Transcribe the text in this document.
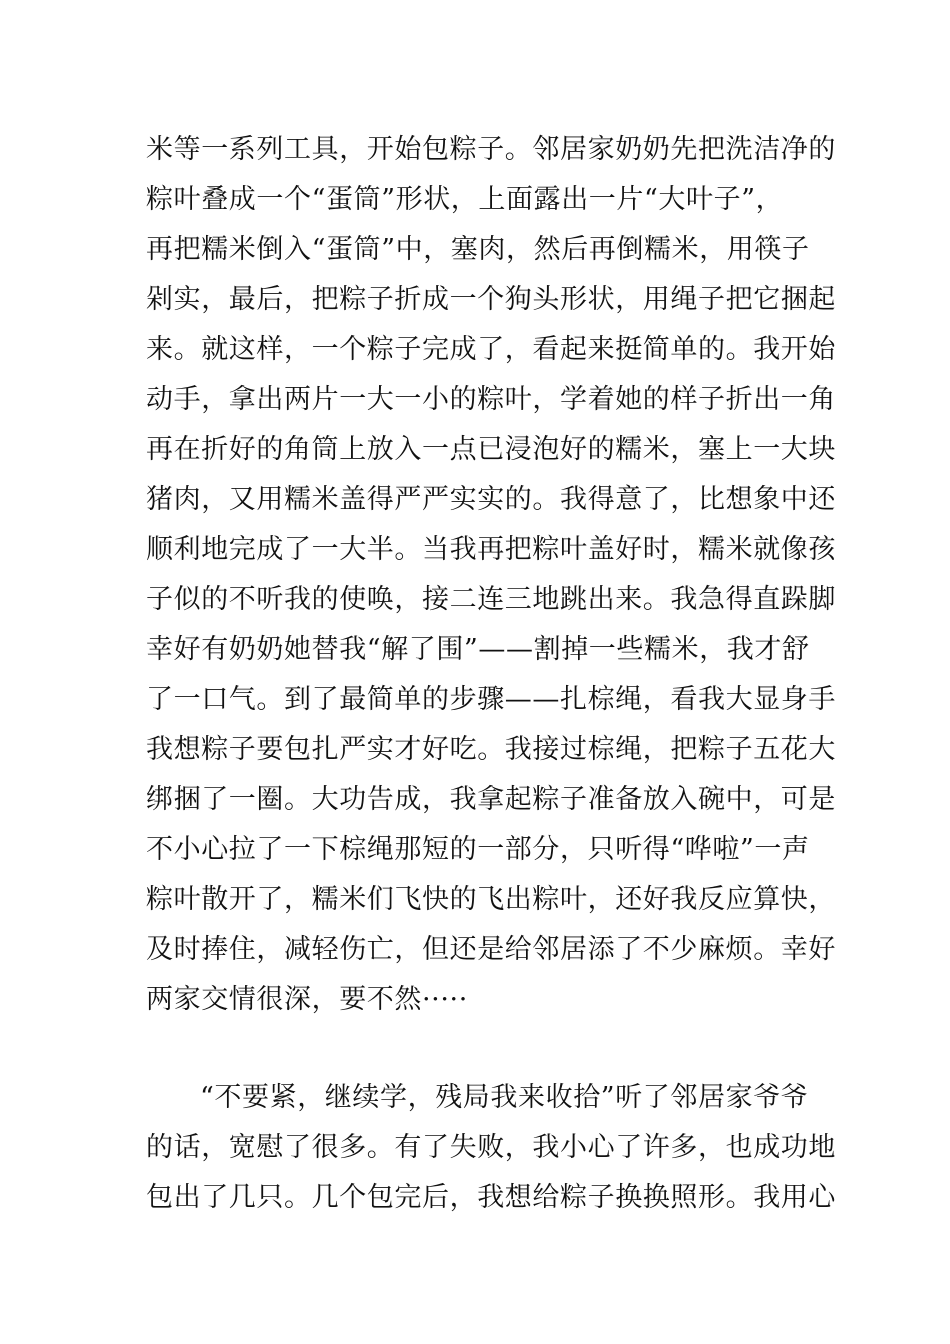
米等一系列工具，开始包粽子。邻居家奶奶先把洗洁净的
粽叶叠成一个“蛋筒”形状，上面露出一片“大叶子”，
再把糯米倒入“蛋筒”中，塞肉，然后再倒糯米，用筷子
剁实，最后，把粽子折成一个狗头形状，用绳子把它捆起
来。就这样，一个粽子完成了，看起来挺简单的。我开始
动手，拿出两片一大一小的粽叶，学着她的样子折出一角
再在折好的角筒上放入一点已浸泡好的糯米，塞上一大块
猪肉，又用糯米盖得严严实实的。我得意了，比想象中还
顺利地完成了一大半。当我再把粽叶盖好时，糯米就像孩
子似的不听我的使唤，接二连三地跳出来。我急得直跺脚
幸好有奶奶她替我“解了围”——割掉一些糯米，我才舒
了一口气。到了最简单的步骤——扎棕绳，看我大显身手
我想粽子要包扎严实才好吃。我接过棕绳，把粽子五花大
绑捆了一圈。大功告成，我拿起粽子准备放入碗中，可是
不小心拉了一下棕绳那短的一部分，只听得“哗啦”一声
粽叶散开了，糯米们飞快的飞出粽叶，还好我反应算快，
及时捧住，减轻伤亡，但还是给邻居添了不少麻烦。幸好
两家交情很深，要不然·····
“不要紧，继续学，残局我来收拾”听了邻居家爷爷
的话，宽慰了很多。有了失败，我小心了许多，也成功地
包出了几只。几个包完后，我想给粽子换换照形。我用心
